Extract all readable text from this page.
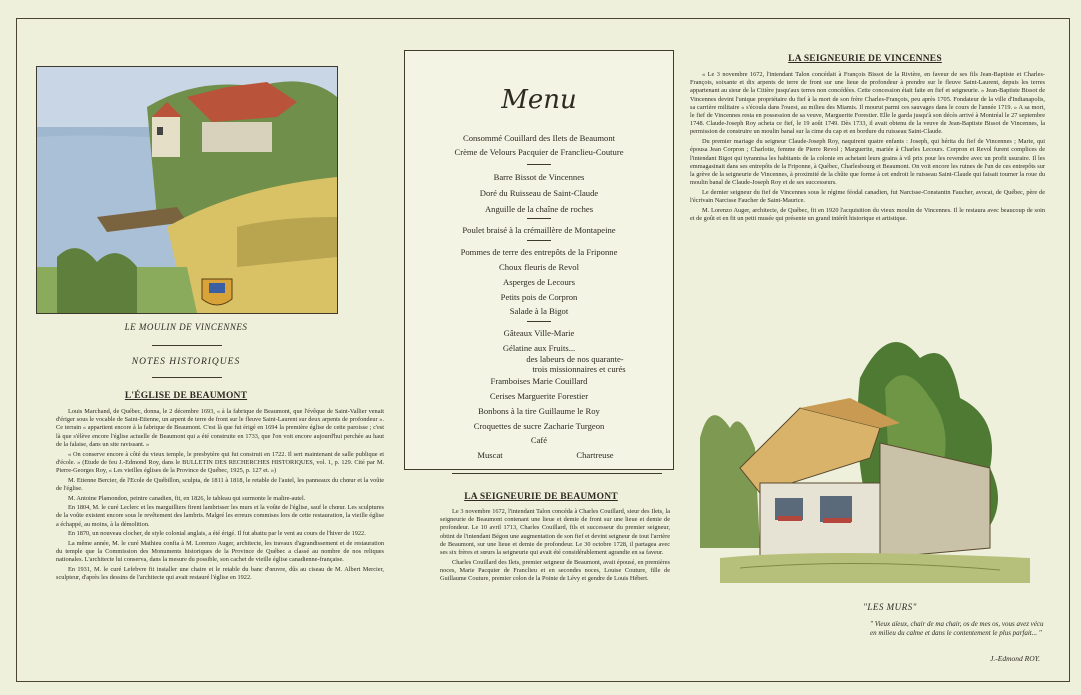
LE MOULIN DE VINCENNES
NOTES HISTORIQUES
L'ÉGLISE DE BEAUMONT

Louis Marchand, de Québec, donna, le 2 décembre 1693, « à la fabrique de Beaumont, que l'évêque de Saint-Vallier venait d'ériger sous le vocable de Saint-Etienne, un arpent de terre de front sur le fleuve Saint-Laurent sur deux arpents de profondeur ». Ce terrain « appartient encore à la fabrique de Beaumont. C'est là que fut érigé en 1694 la première église de cette paroisse ; c'est là que s'élève encore l'église actuelle de Beaumont qui a été construite en 1733, que l'on voit encore aujourd'hui perchée au haut de la falaise, dans un site ravissant. »

« On conserve encore à côté du vieux temple, le presbytère qui fut construit en 1722. Il sert maintenant de salle publique et d'école. » (Etude de feu J.-Edmond Roy, dans le BULLETIN DES RECHERCHES HISTORIQUES, vol. 1, p. 129. Cité par M. Pierre-Georges Roy, « Les vieilles églises de la Province de Québec, 1925, p. 127 et. »)

M. Etienne Bercier, de l'Ecole de Québillon, sculpta, de 1811 à 1818, le retable de l'autel, les panneaux du chœur et la voûte de l'église.

M. Antoine Plamondon, peintre canadien, fit, en 1826, le tableau qui surmonte le maître-autel.

En 1804, M. le curé Leclerc et les marguilliers firent lambrisser les murs et la voûte de l'église, sauf le chœur. Les sculptures de la voûte existent encore sous le revêtement des lambris. Malgré les erreurs commises lors de cette restauration, la vieille église a échappé, au moins, à la démolition.

En 1870, un nouveau clocher, de style colonial anglais, a été érigé. Il fut abattu par le vent au cours de l'hiver de 1922.

La même année, M. le curé Mathieu confia à M. Lorenzo Auger, architecte, les travaux d'agrandissement et de restauration du temple que la Commission des Monuments historiques de la Province de Québec a classé au nombre de nos reliques nationales. L'architecte lui conserva, dans la mesure du possible, son cachet de vieille église canadienne-française.

En 1931, M. le curé Lefebvre fit installer une chaire et le retable du banc d'œuvre, dûs au ciseau de M. Albert Mercier, sculpteur, d'après les dessins de l'architecte qui avait restauré l'église en 1922.

Menu
Consommé Couillard des Ilets de Beaumont
Crème de Velours Pacquier de Franclieu-Couture
Barre Bissot de Vincennes
Doré du Ruisseau de Saint-Claude
Anguille de la chaîne de roches
Poulet braisé à la crémaillère de Montapeine
Pommes de terre des entrepôts de la Friponne
Choux fleuris de Revol
Asperges de Lecours
Petits pois de Corpron
Salade à la Bigot
Gâteaux Ville-Marie
Gélatine aux Fruits...
des labeurs de nos quarante-
trois missionnaires et curés
Framboises Marie Couillard
Cerises Marguerite Forestier
Bonbons à la tire Guillaume le Roy
Croquettes de sucre Zacharie Turgeon
Café
Muscat	Chartreuse
LA SEIGNEURIE DE BEAUMONT

Le 3 novembre 1672, l'intendant Talon concéda à Charles Couillard, sieur des Ilets, la seigneurie de Beaumont contenant une lieue et demie de front sur une lieue et demie de profondeur. Le 10 avril 1713, Charles Couillard, fils et successeur du premier seigneur, obtint de l'intendant Bégon une augmentation de son fief et devint seigneur de tout l'arrière de Beaumont, sur une lieue et demie de profondeur. Le 30 octobre 1728, il partagea avec ses six frères et sœurs la seigneurie qui avait été considérablement agrandie en sa faveur.

Charles Couillard des Ilets, premier seigneur de Beaumont, avait épousé, en premières noces, Marie Pacquier de Franclieu et en secondes noces, Louise Couture, fille de Guillaume Couture, premier colon de la Pointe de Lévy et gendre de Louis Hébert.

LA SEIGNEURIE DE VINCENNES

« Le 3 novembre 1672, l'intendant Talon concédait à François Bissot de la Rivière, en faveur de ses fils Jean-Baptiste et Charles-François, soixante et dix arpents de terre de front sur une lieue de profondeur à prendre sur le fleuve Saint-Laurent, depuis les terres appartenant au sieur de la Citière jusqu'aux terres non concédées. Cette concession était faite en fief et seigneurie. » Jean-Baptiste Bissot de Vincennes devint l'unique propriétaire du fief à la mort de son frère Charles-François, peu après 1705. Fondateur de la ville d'Indianapolis, sa carrière militaire « s'écoula dans l'ouest, au milieu des Miamis. Il mourut parmi ces sauvages dans le cours de l'année 1719. » A sa mort, le fief de Vincennes resta en possession de sa veuve, Marguerite Forestier. Elle le garda jusqu'à son décès arrivé à Montréal le 27 septembre 1748. Claude-Joseph Roy acheta ce fief, le 19 août 1749. Dès 1733, il avait obtenu de la veuve de Jean-Baptiste Bissot de Vincennes, la permission de construire un moulin banal sur la cime du cap et en bordure du ruisseau Saint-Claude.

Du premier mariage du seigneur Claude-Joseph Roy, naquirent quatre enfants : Joseph, qui hérita du fief de Vincennes ; Marie, qui épousa Jean Corpron ; Charlotte, femme de Pierre Revol ; Marguerite, mariée à Charles Lecours. Corpron et Revol furent complices de l'intendant Bigot qui tyrannisa les habitants de la colonie en achetant leurs grains à vil prix pour les revendre avec un profit usuraire. Il les emmagasinait dans ses entrepôts de la Friponne, à Québec, Charlesbourg et Beaumont. On voit encore les ruines de l'un de ces entrepôts sur la grève de la seigneurie de Vincennes, à proximité de la chûte que forme à cet endroit le ruisseau Saint-Claude qui faisait tourner la roue du moulin banal de Claude-Joseph Roy et de ses successeurs.

Le dernier seigneur du fief de Vincennes sous le régime féodal canadien, fut Narcisse-Constantin Faucher, avocat, de Québec, père de l'écrivain Narcisse Faucher de Saint-Maurice.

M. Lorenzo Auger, architecte, de Québec, fit en 1920 l'acquisition du vieux moulin de Vincennes. Il le restaura avec beaucoup de soin et de goût et en fit un petit musée qui présente un grand intérêt historique et artistique.

"LES MURS"
" Vieux aïeux, chair de ma chair, os de mes os, vous avez vécu en milieu du calme et dans le contentement le plus parfait... "
J.-Edmond ROY.
